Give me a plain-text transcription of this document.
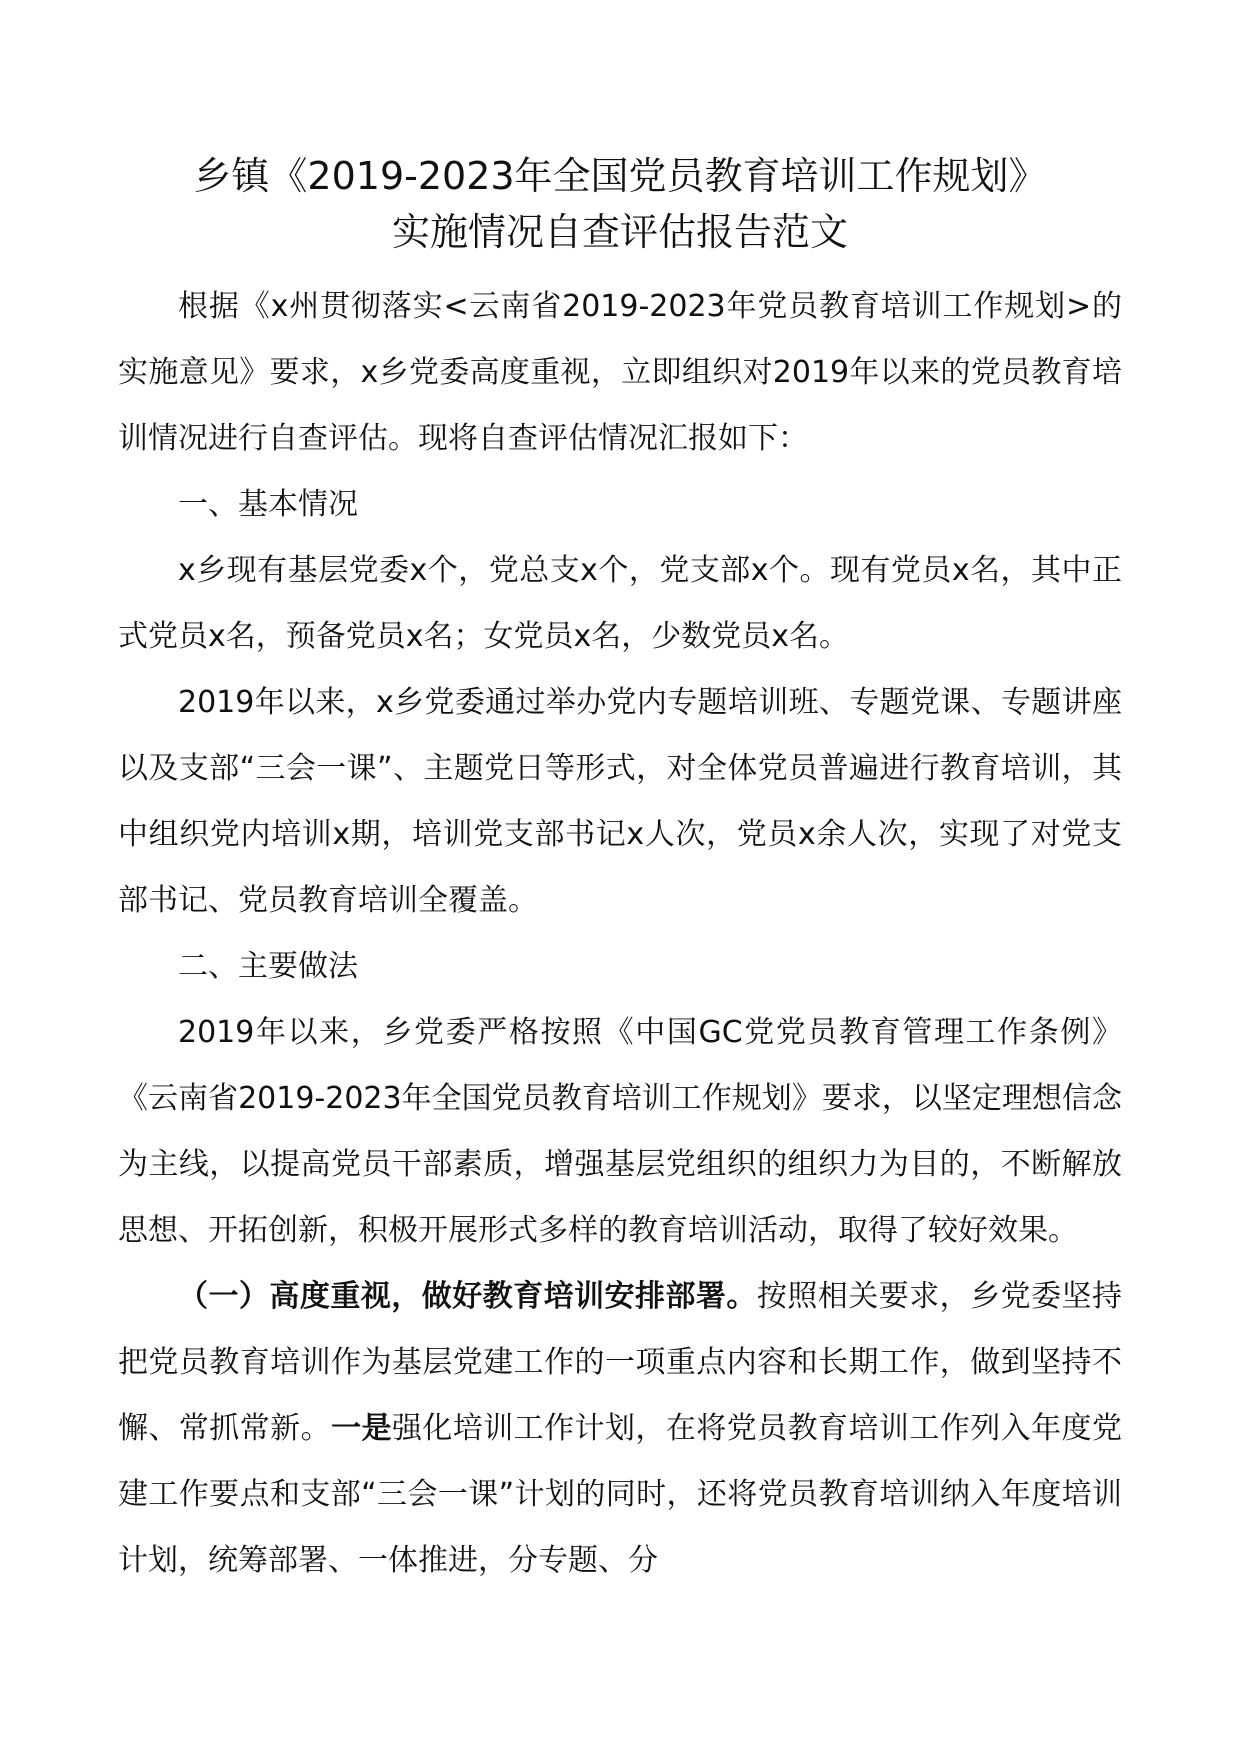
乡镇《2019-2023年全国党员教育培训工作规划》
实施情况自查评估报告范文

根据《x州贯彻落实<云南省2019-2023年党员教育培训工作规划>的实施意见》要求，x乡党委高度重视，立即组织对2019年以来的党员教育培训情况进行自查评估。现将自查评估情况汇报如下：

一、基本情况

x乡现有基层党委x个，党总支x个，党支部x个。现有党员x名，其中正式党员x名，预备党员x名；女党员x名，少数党员x名。

2019年以来，x乡党委通过举办党内专题培训班、专题党课、专题讲座以及支部“三会一课”、主题党日等形式，对全体党员普遍进行教育培训，其中组织党内培训x期，培训党支部书记x人次，党员x余人次，实现了对党支部书记、党员教育培训全覆盖。

二、主要做法

2019年以来，乡党委严格按照《中国GC党党员教育管理工作条例》《云南省2019-2023年全国党员教育培训工作规划》要求，以坚定理想信念为主线，以提高党员干部素质，增强基层党组织的组织力为目的，不断解放思想、开拓创新，积极开展形式多样的教育培训活动，取得了较好效果。

（一）高度重视，做好教育培训安排部署。按照相关要求，乡党委坚持把党员教育培训作为基层党建工作的一项重点内容和长期工作，做到坚持不懈、常抓常新。一是强化培训工作计划，在将党员教育培训工作列入年度党建工作要点和支部“三会一课”计划的同时，还将党员教育培训纳入年度培训计划，统筹部署、一体推进，分专题、分
